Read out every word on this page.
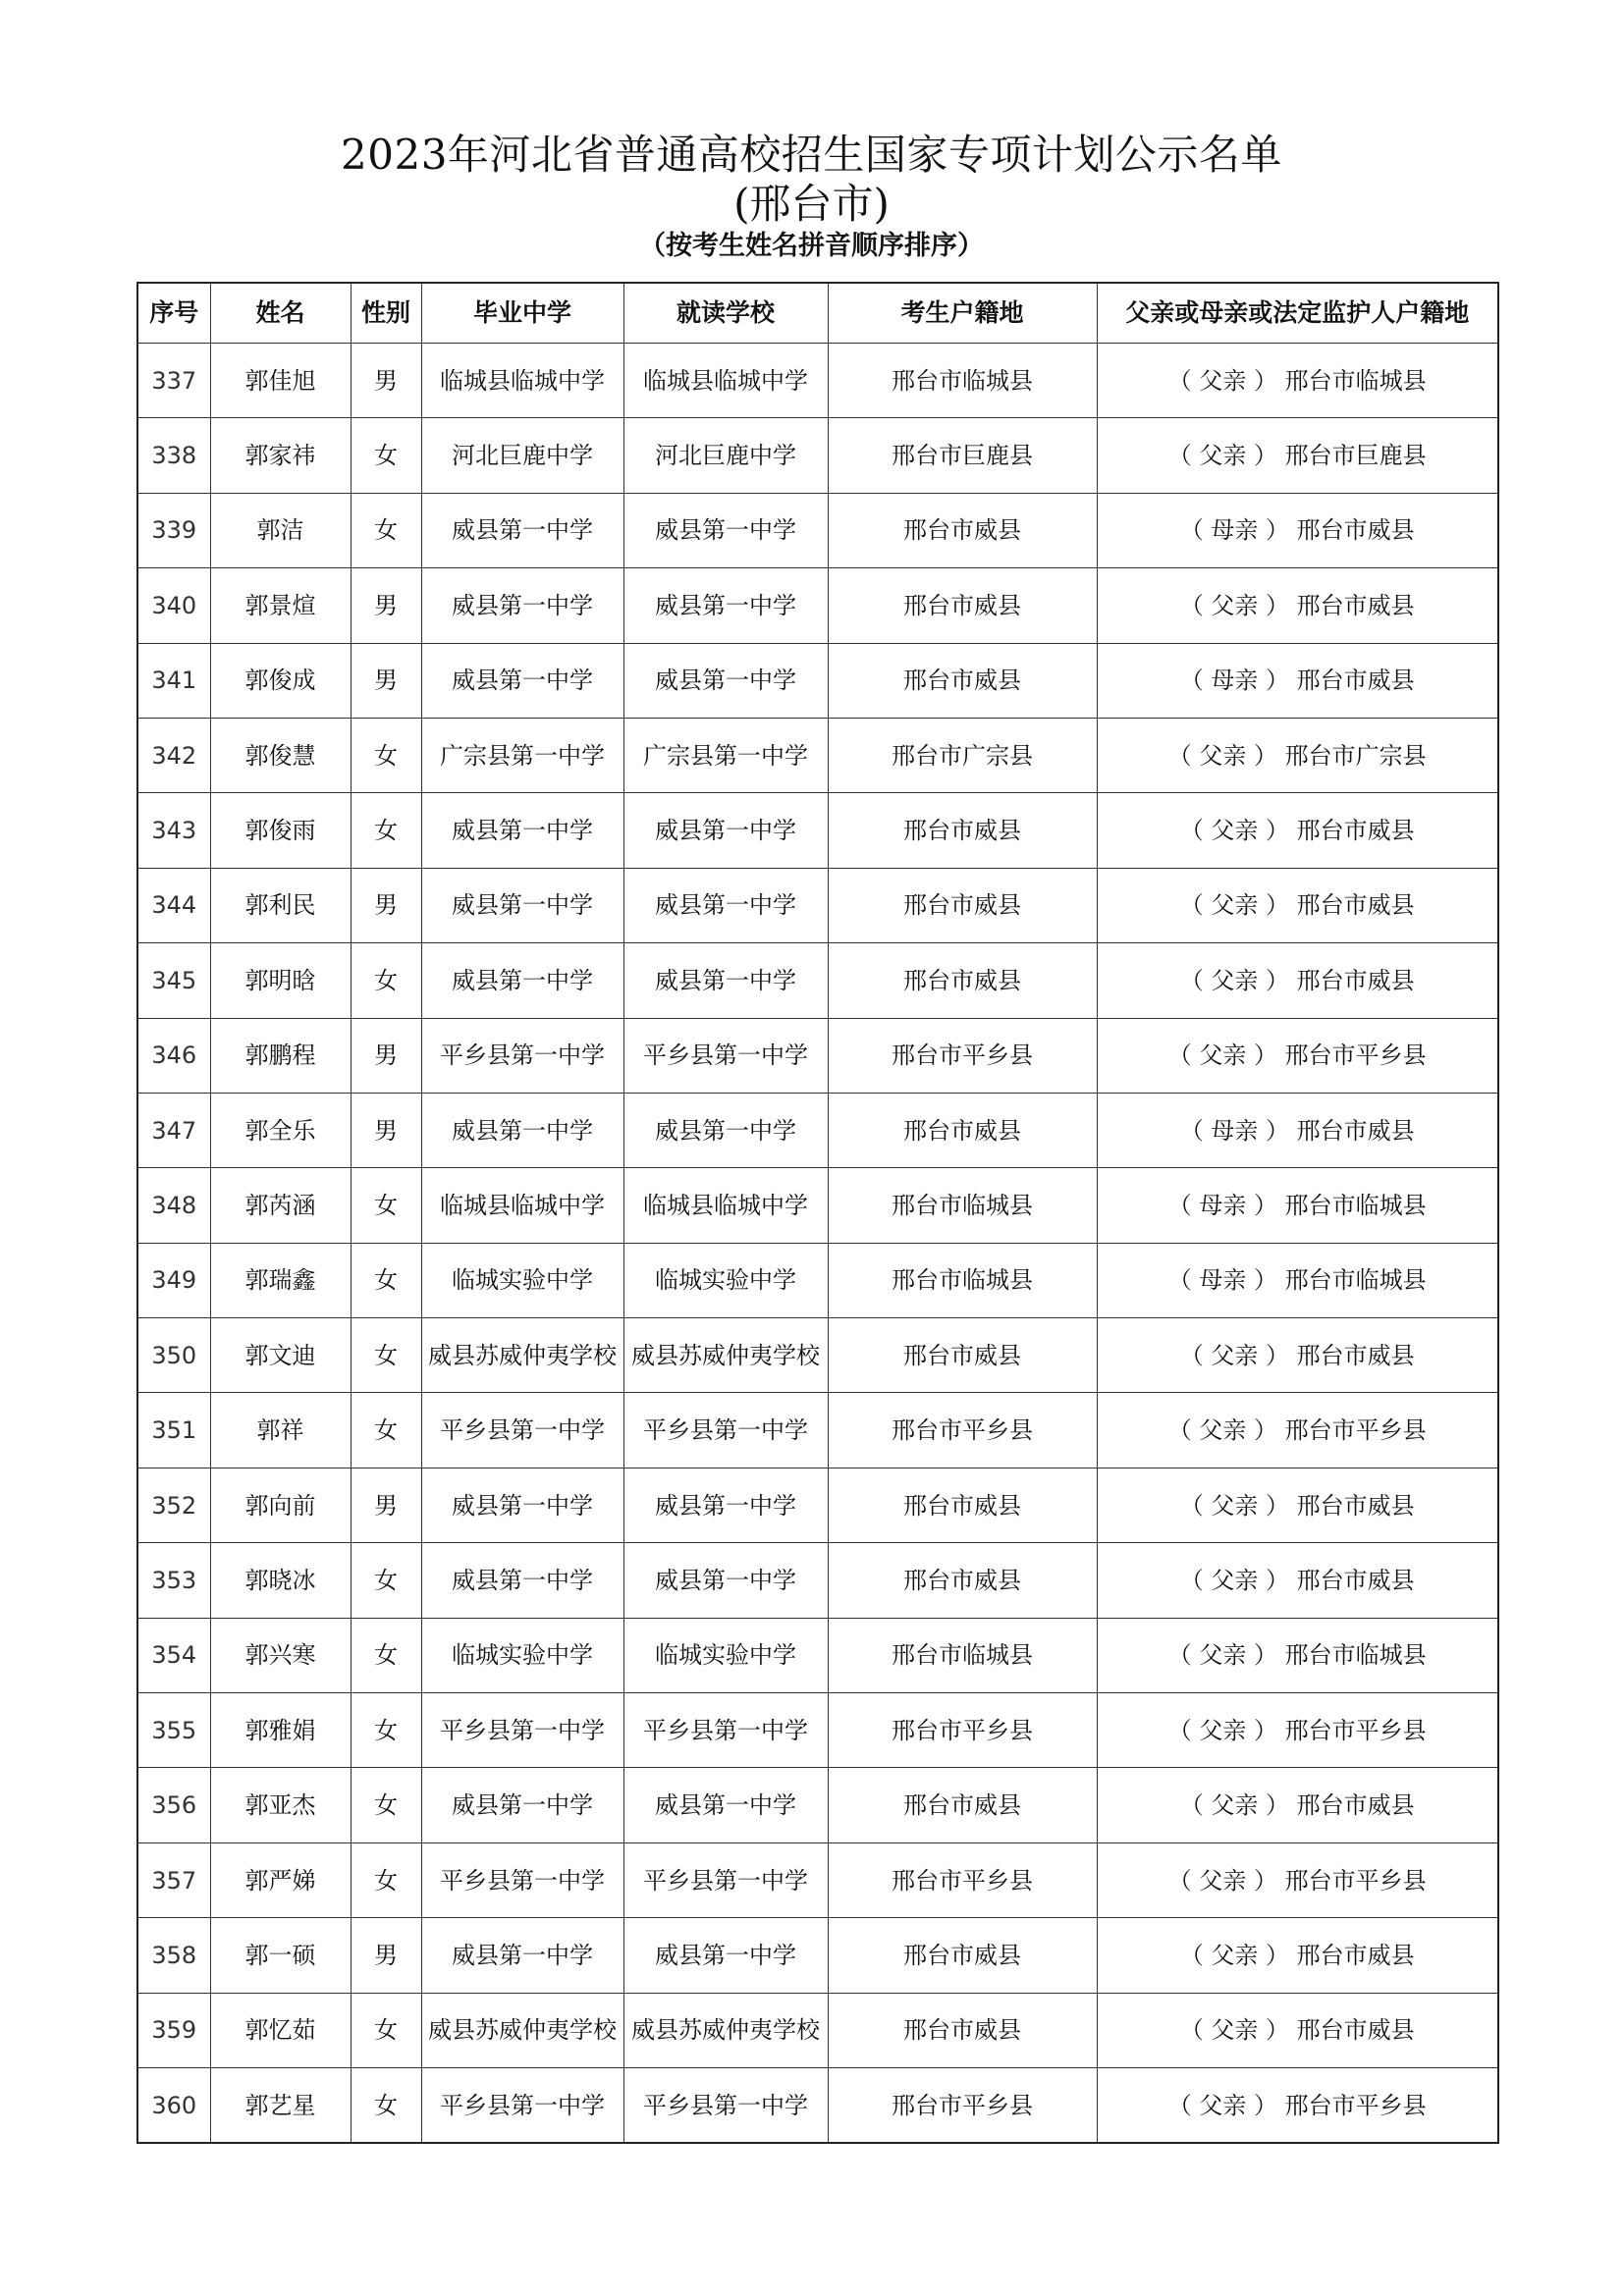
2023年河北省普通高校招生国家专项计划公示名单
(邢台市)
（按考生姓名拼音顺序排序）
序号	姓名	性别	毕业中学	就读学校	考生户籍地	父亲或母亲或法定监护人户籍地
337	郭佳旭	男	临城县临城中学	临城县临城中学	邢台市临城县	（ 父亲 ） 邢台市临城县
338	郭家祎	女	河北巨鹿中学	河北巨鹿中学	邢台市巨鹿县	（ 父亲 ） 邢台市巨鹿县
339	郭洁	女	威县第一中学	威县第一中学	邢台市威县	（ 母亲 ） 邢台市威县
340	郭景煊	男	威县第一中学	威县第一中学	邢台市威县	（ 父亲 ） 邢台市威县
341	郭俊成	男	威县第一中学	威县第一中学	邢台市威县	（ 母亲 ） 邢台市威县
342	郭俊慧	女	广宗县第一中学	广宗县第一中学	邢台市广宗县	（ 父亲 ） 邢台市广宗县
343	郭俊雨	女	威县第一中学	威县第一中学	邢台市威县	（ 父亲 ） 邢台市威县
344	郭利民	男	威县第一中学	威县第一中学	邢台市威县	（ 父亲 ） 邢台市威县
345	郭明晗	女	威县第一中学	威县第一中学	邢台市威县	（ 父亲 ） 邢台市威县
346	郭鹏程	男	平乡县第一中学	平乡县第一中学	邢台市平乡县	（ 父亲 ） 邢台市平乡县
347	郭全乐	男	威县第一中学	威县第一中学	邢台市威县	（ 母亲 ） 邢台市威县
348	郭芮涵	女	临城县临城中学	临城县临城中学	邢台市临城县	（ 母亲 ） 邢台市临城县
349	郭瑞鑫	女	临城实验中学	临城实验中学	邢台市临城县	（ 母亲 ） 邢台市临城县
350	郭文迪	女	威县苏威仲夷学校	威县苏威仲夷学校	邢台市威县	（ 父亲 ） 邢台市威县
351	郭祥	女	平乡县第一中学	平乡县第一中学	邢台市平乡县	（ 父亲 ） 邢台市平乡县
352	郭向前	男	威县第一中学	威县第一中学	邢台市威县	（ 父亲 ） 邢台市威县
353	郭晓冰	女	威县第一中学	威县第一中学	邢台市威县	（ 父亲 ） 邢台市威县
354	郭兴寒	女	临城实验中学	临城实验中学	邢台市临城县	（ 父亲 ） 邢台市临城县
355	郭雅娟	女	平乡县第一中学	平乡县第一中学	邢台市平乡县	（ 父亲 ） 邢台市平乡县
356	郭亚杰	女	威县第一中学	威县第一中学	邢台市威县	（ 父亲 ） 邢台市威县
357	郭严娣	女	平乡县第一中学	平乡县第一中学	邢台市平乡县	（ 父亲 ） 邢台市平乡县
358	郭一硕	男	威县第一中学	威县第一中学	邢台市威县	（ 父亲 ） 邢台市威县
359	郭忆茹	女	威县苏威仲夷学校	威县苏威仲夷学校	邢台市威县	（ 父亲 ） 邢台市威县
360	郭艺星	女	平乡县第一中学	平乡县第一中学	邢台市平乡县	（ 父亲 ） 邢台市平乡县
